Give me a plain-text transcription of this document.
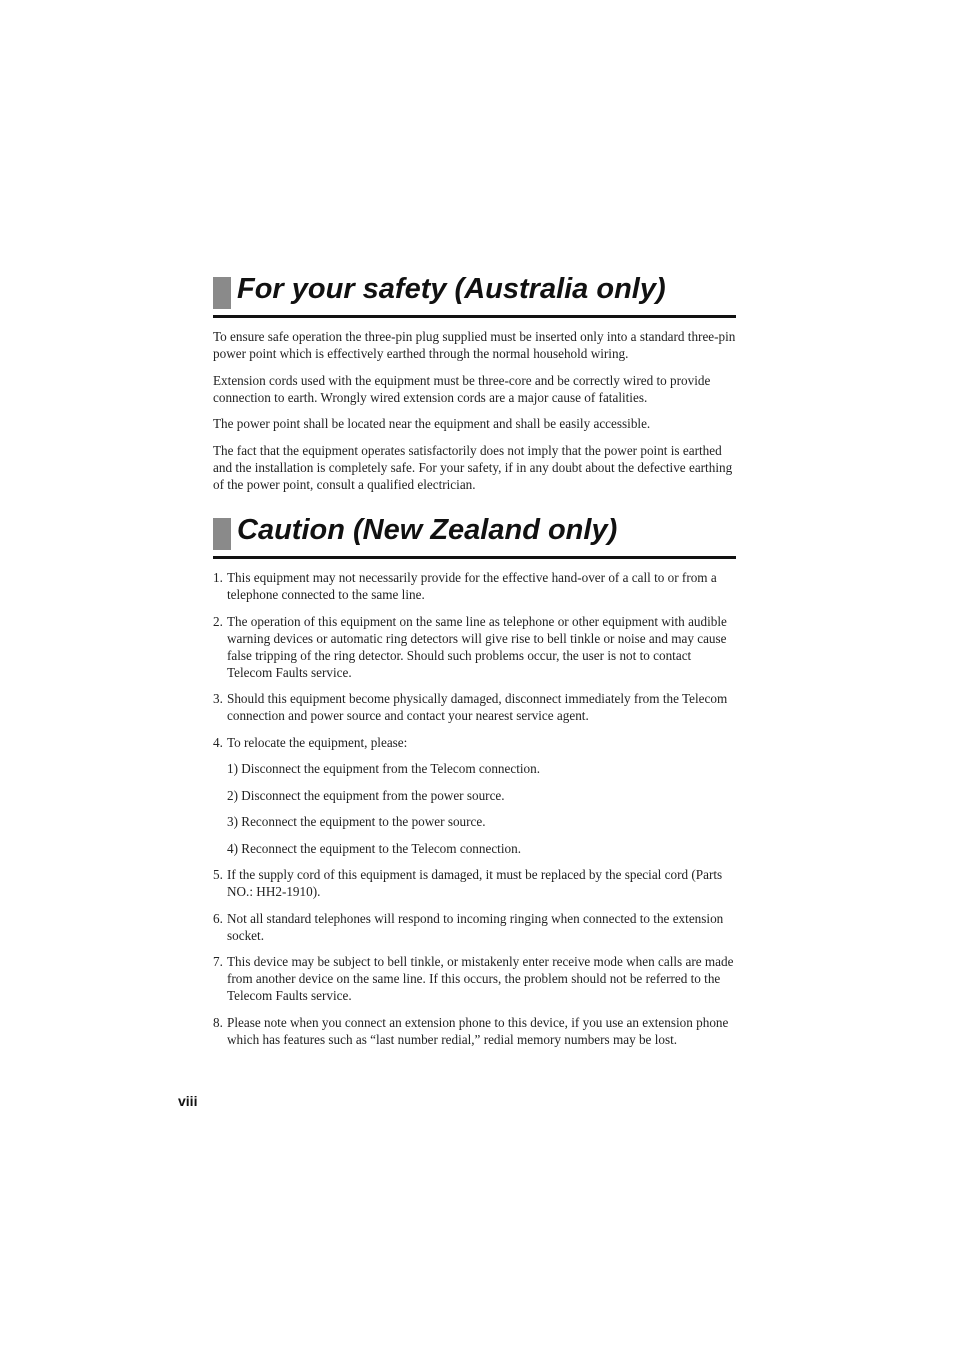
For your safety (Australia only)

To ensure safe operation the three-pin plug supplied must be inserted only into a standard three-pin power point which is effectively earthed through the normal household wiring.

Extension cords used with the equipment must be three-core and be correctly wired to provide connection to earth. Wrongly wired extension cords are a major cause of fatalities.

The power point shall be located near the equipment and shall be easily accessible.

The fact that the equipment operates satisfactorily does not imply that the power point is earthed and the installation is completely safe. For your safety, if in any doubt about the defective earthing of the power point, consult a qualified electrician.

Caution (New Zealand only)
1. This equipment may not necessarily provide for the effective hand-over of a call to or from a telephone connected to the same line.
2. The operation of this equipment on the same line as telephone or other equipment with audible warning devices or automatic ring detectors will give rise to bell tinkle or noise and may cause false tripping of the ring detector. Should such problems occur, the user is not to contact Telecom Faults service.
3. Should this equipment become physically damaged, disconnect immediately from the Telecom connection and power source and contact your nearest service agent.
4. To relocate the equipment, please:
1) Disconnect the equipment from the Telecom connection.
2) Disconnect the equipment from the power source.
3) Reconnect the equipment to the power source.
4) Reconnect the equipment to the Telecom connection.
5. If the supply cord of this equipment is damaged, it must be replaced by the special cord (Parts NO.: HH2-1910).
6. Not all standard telephones will respond to incoming ringing when connected to the extension socket.
7. This device may be subject to bell tinkle, or mistakenly enter receive mode when calls are made from another device on the same line. If this occurs, the problem should not be referred to the Telecom Faults service.
8. Please note when you connect an extension phone to this device, if you use an extension phone which has features such as “last number redial,” redial memory numbers may be lost.
viii
